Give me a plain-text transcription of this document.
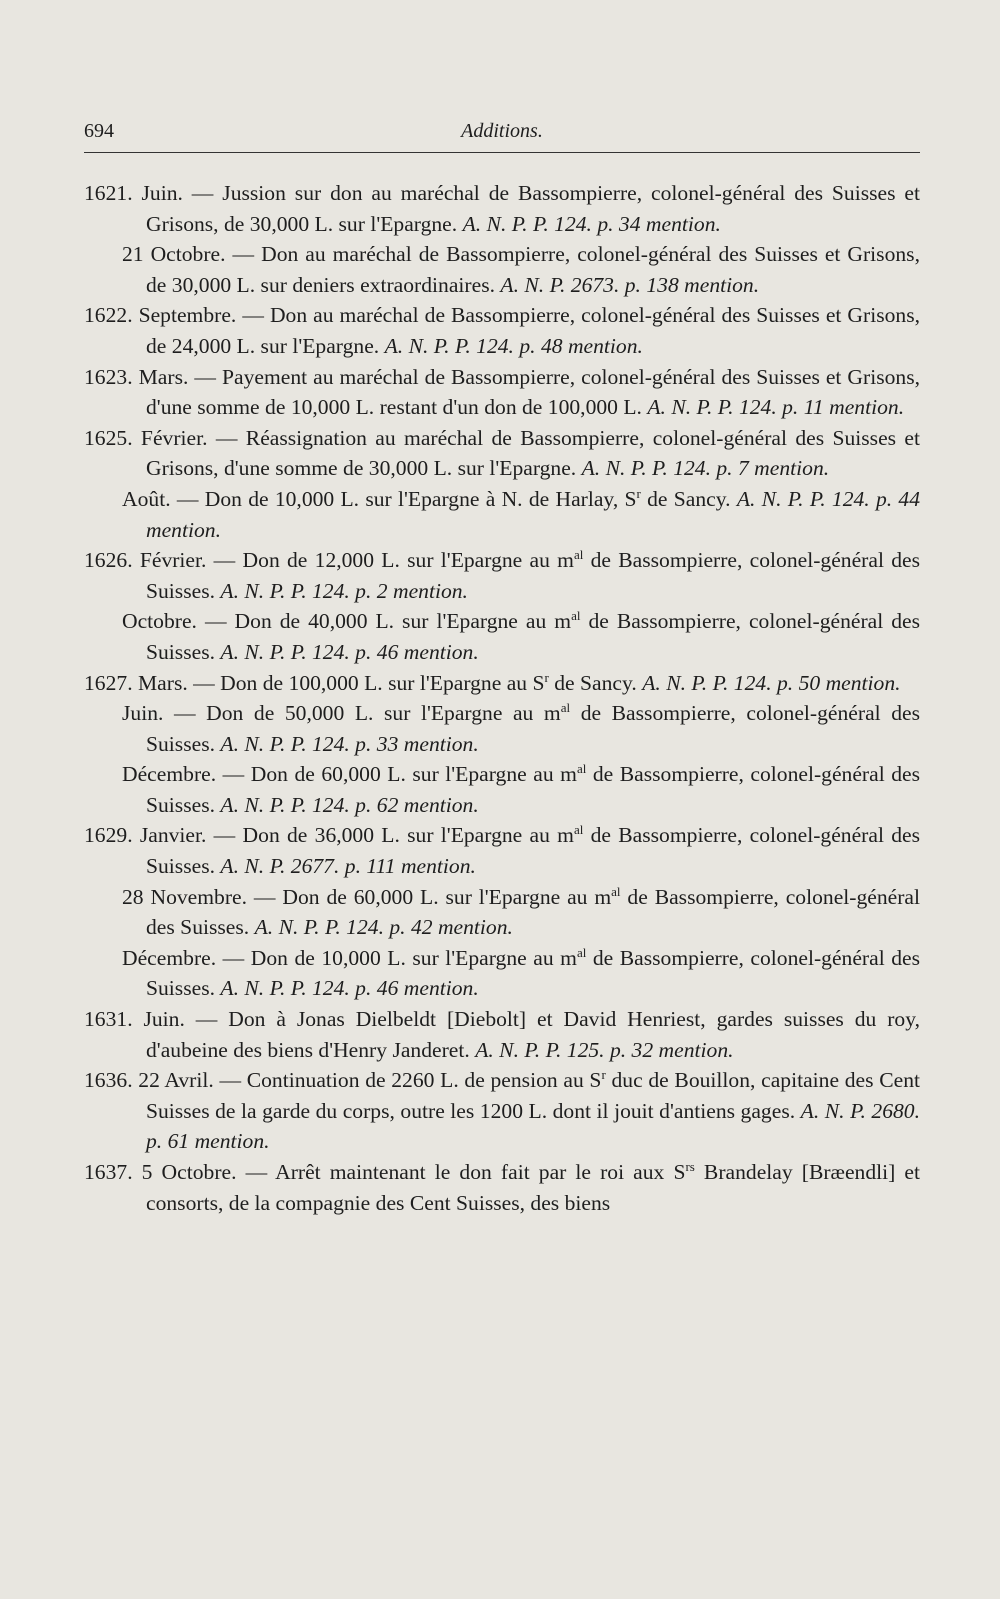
694	Additions.

1621. Juin. — Jussion sur don au maréchal de Bassompierre, colonel-général des Suisses et Grisons, de 30,000 L. sur l'Epargne. A. N. P. P. 124. p. 34 mention.

21 Octobre. — Don au maréchal de Bassompierre, colonel-général des Suisses et Grisons, de 30,000 L. sur deniers extraordinaires. A. N. P. 2673. p. 138 mention.

1622. Septembre. — Don au maréchal de Bassompierre, colonel-général des Suisses et Grisons, de 24,000 L. sur l'Epargne. A. N. P. P. 124. p. 48 mention.

1623. Mars. — Payement au maréchal de Bassompierre, colonel-général des Suisses et Grisons, d'une somme de 10,000 L. restant d'un don de 100,000 L. A. N. P. P. 124. p. 11 mention.

1625. Février. — Réassignation au maréchal de Bassompierre, colonel-général des Suisses et Grisons, d'une somme de 30,000 L. sur l'Epargne. A. N. P. P. 124. p. 7 mention.

Août. — Don de 10,000 L. sur l'Epargne à N. de Harlay, $S^r$ de Sancy. A. N. P. P. 124. p. 44 mention.

1626. Février. — Don de 12,000 L. sur l'Epargne au $m^{al}$ de Bassompierre, colonel-général des Suisses. A. N. P. P. 124. p. 2 mention.

Octobre. — Don de 40,000 L. sur l'Epargne au $m^{al}$ de Bassompierre, colonel-général des Suisses. A. N. P. P. 124. p. 46 mention.

1627. Mars. — Don de 100,000 L. sur l'Epargne au $S^r$ de Sancy. A. N. P. P. 124. p. 50 mention.

Juin. — Don de 50,000 L. sur l'Epargne au $m^{al}$ de Bassompierre, colonel-général des Suisses. A. N. P. P. 124. p. 33 mention.

Décembre. — Don de 60,000 L. sur l'Epargne au $m^{al}$ de Bassompierre, colonel-général des Suisses. A. N. P. P. 124. p. 62 mention.

1629. Janvier. — Don de 36,000 L. sur l'Epargne au $m^{al}$ de Bassompierre, colonel-général des Suisses. A. N. P. 2677. p. 111 mention.

28 Novembre. — Don de 60,000 L. sur l'Epargne au $m^{al}$ de Bassompierre, colonel-général des Suisses. A. N. P. P. 124. p. 42 mention.

Décembre. — Don de 10,000 L. sur l'Epargne au $m^{al}$ de Bassompierre, colonel-général des Suisses. A. N. P. P. 124. p. 46 mention.

1631. Juin. — Don à Jonas Dielbeldt [Diebolt] et David Henriest, gardes suisses du roy, d'aubeine des biens d'Henry Janderet. A. N. P. P. 125. p. 32 mention.

1636. 22 Avril. — Continuation de 2260 L. de pension au $S^r$ duc de Bouillon, capitaine des Cent Suisses de la garde du corps, outre les 1200 L. dont il jouit d'antiens gages. A. N. P. 2680. p. 61 mention.

1637. 5 Octobre. — Arrêt maintenant le don fait par le roi aux $S^{rs}$ Brandelay [Bræendli] et consorts, de la compagnie des Cent Suisses, des biens
